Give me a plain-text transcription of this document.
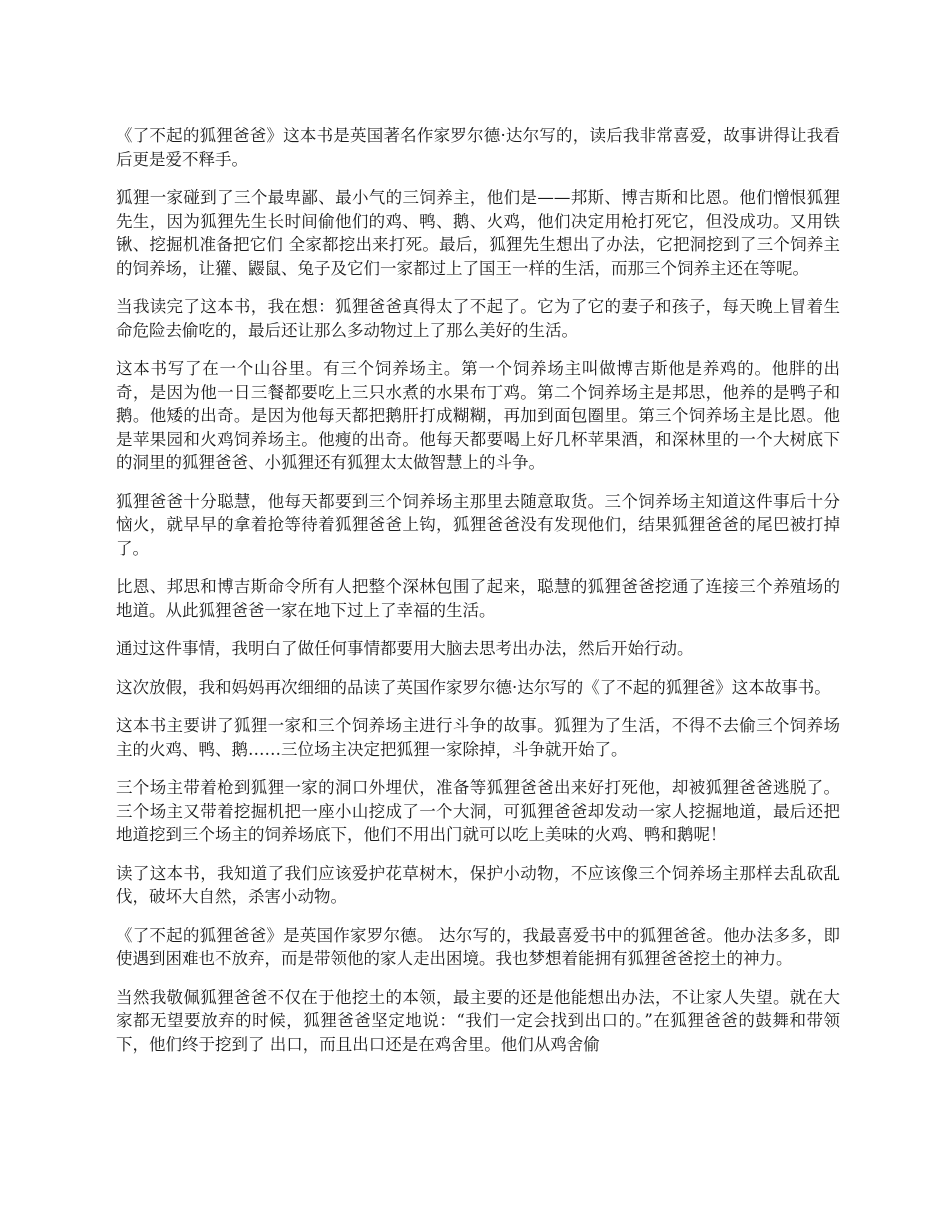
《了不起的狐狸爸爸》这本书是英国著名作家罗尔德·达尔写的，读后我非常喜爱，故事讲得让我看后更是爱不释手。

狐狸一家碰到了三个最卑鄙、最小气的三饲养主，他们是——邦斯、博吉斯和比恩。他们憎恨狐狸先生，因为狐狸先生长时间偷他们的鸡、鸭、鹅、火鸡，他们决定用枪打死它，但没成功。又用铁锹、挖掘机准备把它们 全家都挖出来打死。最后，狐狸先生想出了办法，它把洞挖到了三个饲养主的饲养场，让獾、鼹鼠、兔子及它们一家都过上了国王一样的生活，而那三个饲养主还在等呢。

当我读完了这本书，我在想：狐狸爸爸真得太了不起了。它为了它的妻子和孩子，每天晚上冒着生命危险去偷吃的，最后还让那么多动物过上了那么美好的生活。

这本书写了在一个山谷里。有三个饲养场主。第一个饲养场主叫做博吉斯他是养鸡的。他胖的出奇，是因为他一日三餐都要吃上三只水煮的水果布丁鸡。第二个饲养场主是邦思，他养的是鸭子和鹅。他矮的出奇。是因为他每天都把鹅肝打成糊糊，再加到面包圈里。第三个饲养场主是比恩。他是苹果园和火鸡饲养场主。他瘦的出奇。他每天都要喝上好几杯苹果酒，和深林里的一个大树底下的洞里的狐狸爸爸、小狐狸还有狐狸太太做智慧上的斗争。

狐狸爸爸十分聪慧，他每天都要到三个饲养场主那里去随意取货。三个饲养场主知道这件事后十分恼火，就早早的拿着抢等待着狐狸爸爸上钩，狐狸爸爸没有发现他们，结果狐狸爸爸的尾巴被打掉了。

比恩、邦思和博吉斯命令所有人把整个深林包围了起来，聪慧的狐狸爸爸挖通了连接三个养殖场的地道。从此狐狸爸爸一家在地下过上了幸福的生活。

通过这件事情，我明白了做任何事情都要用大脑去思考出办法，然后开始行动。

这次放假，我和妈妈再次细细的品读了英国作家罗尔德·达尔写的《了不起的狐狸爸》这本故事书。

这本书主要讲了狐狸一家和三个饲养场主进行斗争的故事。狐狸为了生活，不得不去偷三个饲养场主的火鸡、鸭、鹅……三位场主决定把狐狸一家除掉，斗争就开始了。

三个场主带着枪到狐狸一家的洞口外埋伏，准备等狐狸爸爸出来好打死他，却被狐狸爸爸逃脱了。三个场主又带着挖掘机把一座小山挖成了一个大洞，可狐狸爸爸却发动一家人挖掘地道，最后还把地道挖到三个场主的饲养场底下，他们不用出门就可以吃上美味的火鸡、鸭和鹅呢！

读了这本书，我知道了我们应该爱护花草树木，保护小动物，不应该像三个饲养场主那样去乱砍乱伐，破坏大自然，杀害小动物。

《了不起的狐狸爸爸》是英国作家罗尔德。 达尔写的，我最喜爱书中的狐狸爸爸。他办法多多，即使遇到困难也不放弃，而是带领他的家人走出困境。我也梦想着能拥有狐狸爸爸挖土的神力。

当然我敬佩狐狸爸爸不仅在于他挖土的本领，最主要的还是他能想出办法，不让家人失望。就在大家都无望要放弃的时候，狐狸爸爸坚定地说：“我们一定会找到出口的。”在狐狸爸爸的鼓舞和带领下，他们终于挖到了 出口，而且出口还是在鸡舍里。他们从鸡舍偷
